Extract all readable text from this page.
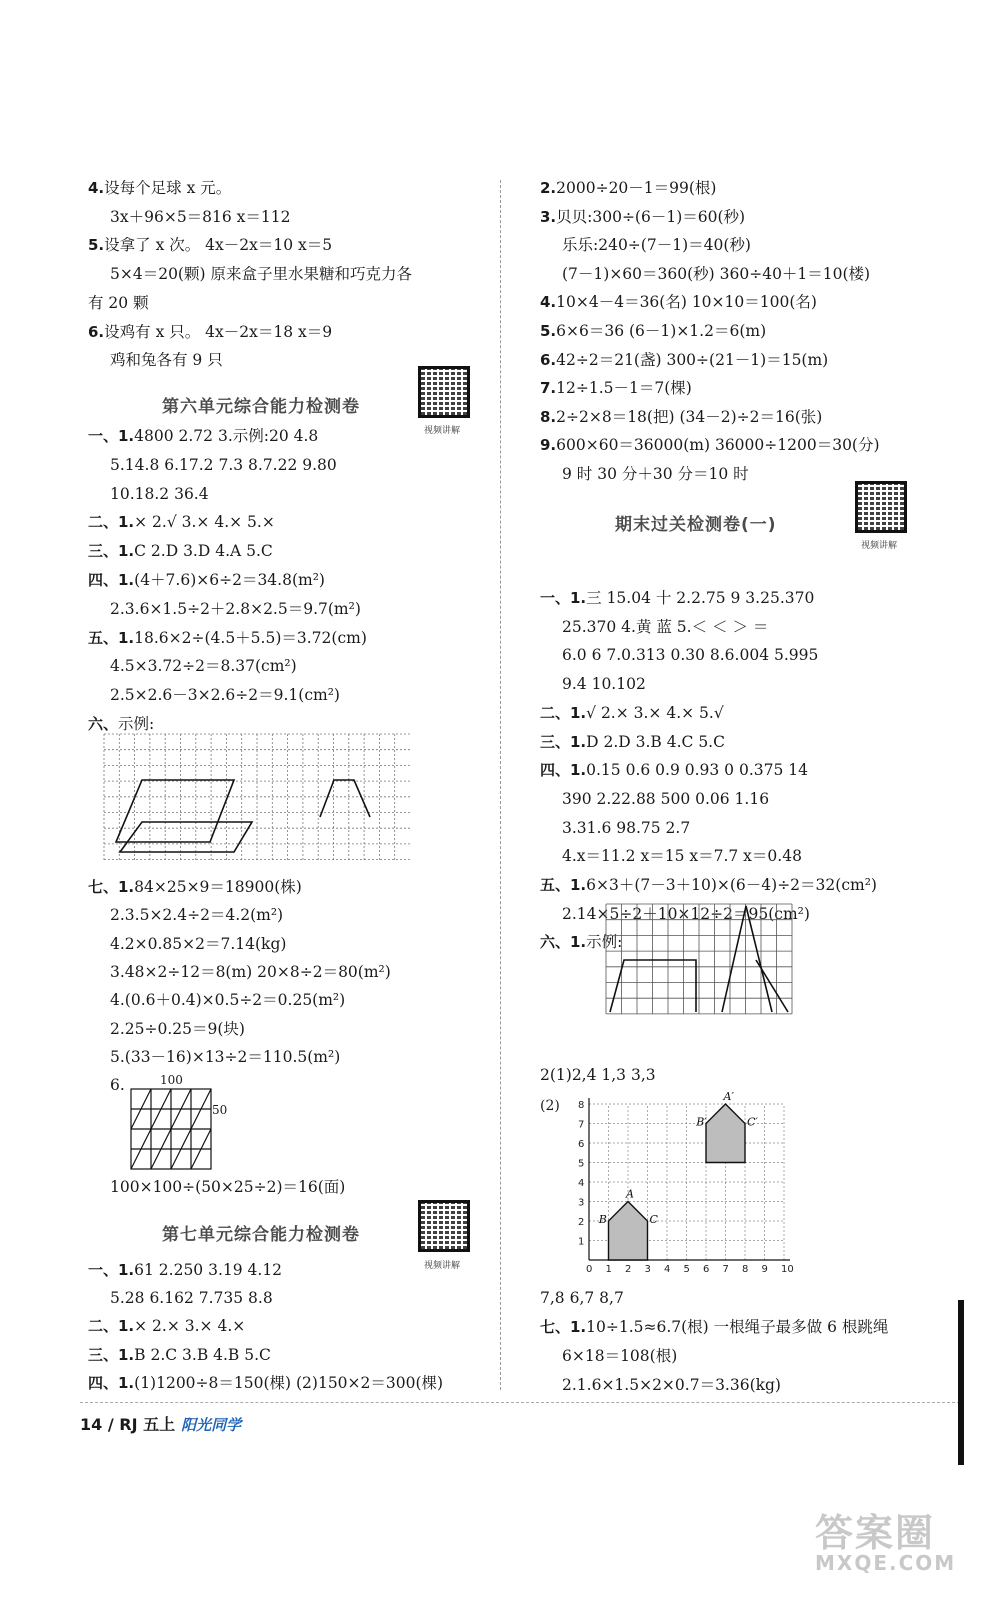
4.设每个足球 x 元。
3x＋96×5＝816 x＝112
5.设拿了 x 次。 4x－2x＝10 x＝5
5×4＝20(颗) 原来盒子里水果糖和巧克力各
有 20 颗
6.设鸡有 x 只。 4x－2x＝18 x＝9
鸡和兔各有 9 只
一、1.4800 2.72 3.示例:20 4.8
5.14.8 6.17.2 7.3 8.7.22 9.80
10.18.2 36.4
二、1.× 2.√ 3.× 4.× 5.×
三、1.C 2.D 3.D 4.A 5.C
四、1.(4＋7.6)×6÷2＝34.8(m²)
2.3.6×1.5÷2＋2.8×2.5＝9.7(m²)
五、1.18.6×2÷(4.5＋5.5)＝3.72(cm)
4.5×3.72÷2＝8.37(cm²)
2.5×2.6－3×2.6÷2＝9.1(cm²)
六、示例:
七、1.84×25×9＝18900(株)
2.3.5×2.4÷2＝4.2(m²)
4.2×0.85×2＝7.14(kg)
3.48×2÷12＝8(m) 20×8÷2＝80(m²)
4.(0.6＋0.4)×0.5÷2＝0.25(m²)
2.25÷0.25＝9(块)
5.(33－16)×13÷2＝110.5(m²)
6.
100×100÷(50×25÷2)＝16(面)
一、1.61 2.250 3.19 4.12
5.28 6.162 7.735 8.8
二、1.× 2.× 3.× 4.×
三、1.B 2.C 3.B 4.B 5.C
四、1.(1)1200÷8＝150(棵) (2)150×2＝300(棵)
2.2000÷20－1＝99(根)
3.贝贝:300÷(6－1)＝60(秒)
乐乐:240÷(7－1)＝40(秒)
(7－1)×60＝360(秒) 360÷40＋1＝10(楼)
4.10×4－4＝36(名) 10×10＝100(名)
5.6×6＝36 (6－1)×1.2＝6(m)
6.42÷2＝21(盏) 300÷(21－1)＝15(m)
7.12÷1.5－1＝7(棵)
8.2÷2×8＝18(把) (34－2)÷2＝16(张)
9.600×60＝36000(m) 36000÷1200＝30(分)
9 时 30 分＋30 分＝10 时
一、1.三 15.04 十 2.2.75 9 3.25.370
25.370 4.黄 蓝 5.＜ ＜ ＞ ＝
6.0 6 7.0.313 0.30 8.6.004 5.995
9.4 10.102
二、1.√ 2.× 3.× 4.× 5.√
三、1.D 2.D 3.B 4.C 5.C
四、1.0.15 0.6 0.9 0.93 0 0.375 14
390 2.22.88 500 0.06 1.16
3.31.6 98.75 2.7
4.x＝11.2 x＝15 x＝7.7 x＝0.48
五、1.6×3＋(7－3＋10)×(6－4)÷2＝32(cm²)
2.14×5÷2＋10×12÷2＝95(cm²)
六、1.示例:
2(1)2,4 1,3 3,3
7,8 6,7 8,7
七、1.10÷1.5≈6.7(根) 一根绳子最多做 6 根跳绳
6×18＝108(根)
2.1.6×1.5×2×0.7＝3.36(kg)
第六单元综合能力检测卷
视频讲解
第七单元综合能力检测卷
视频讲解
期末过关检测卷(一)
视频讲解
100
50	(2)
0 1 2 3 4 5 6 7 8 9 10
1
2
3
4
5
6
7
8
A
B	C
A′
B′	C′
14 / RJ 五上 阳光同学
答案圈
MXQE.COM
